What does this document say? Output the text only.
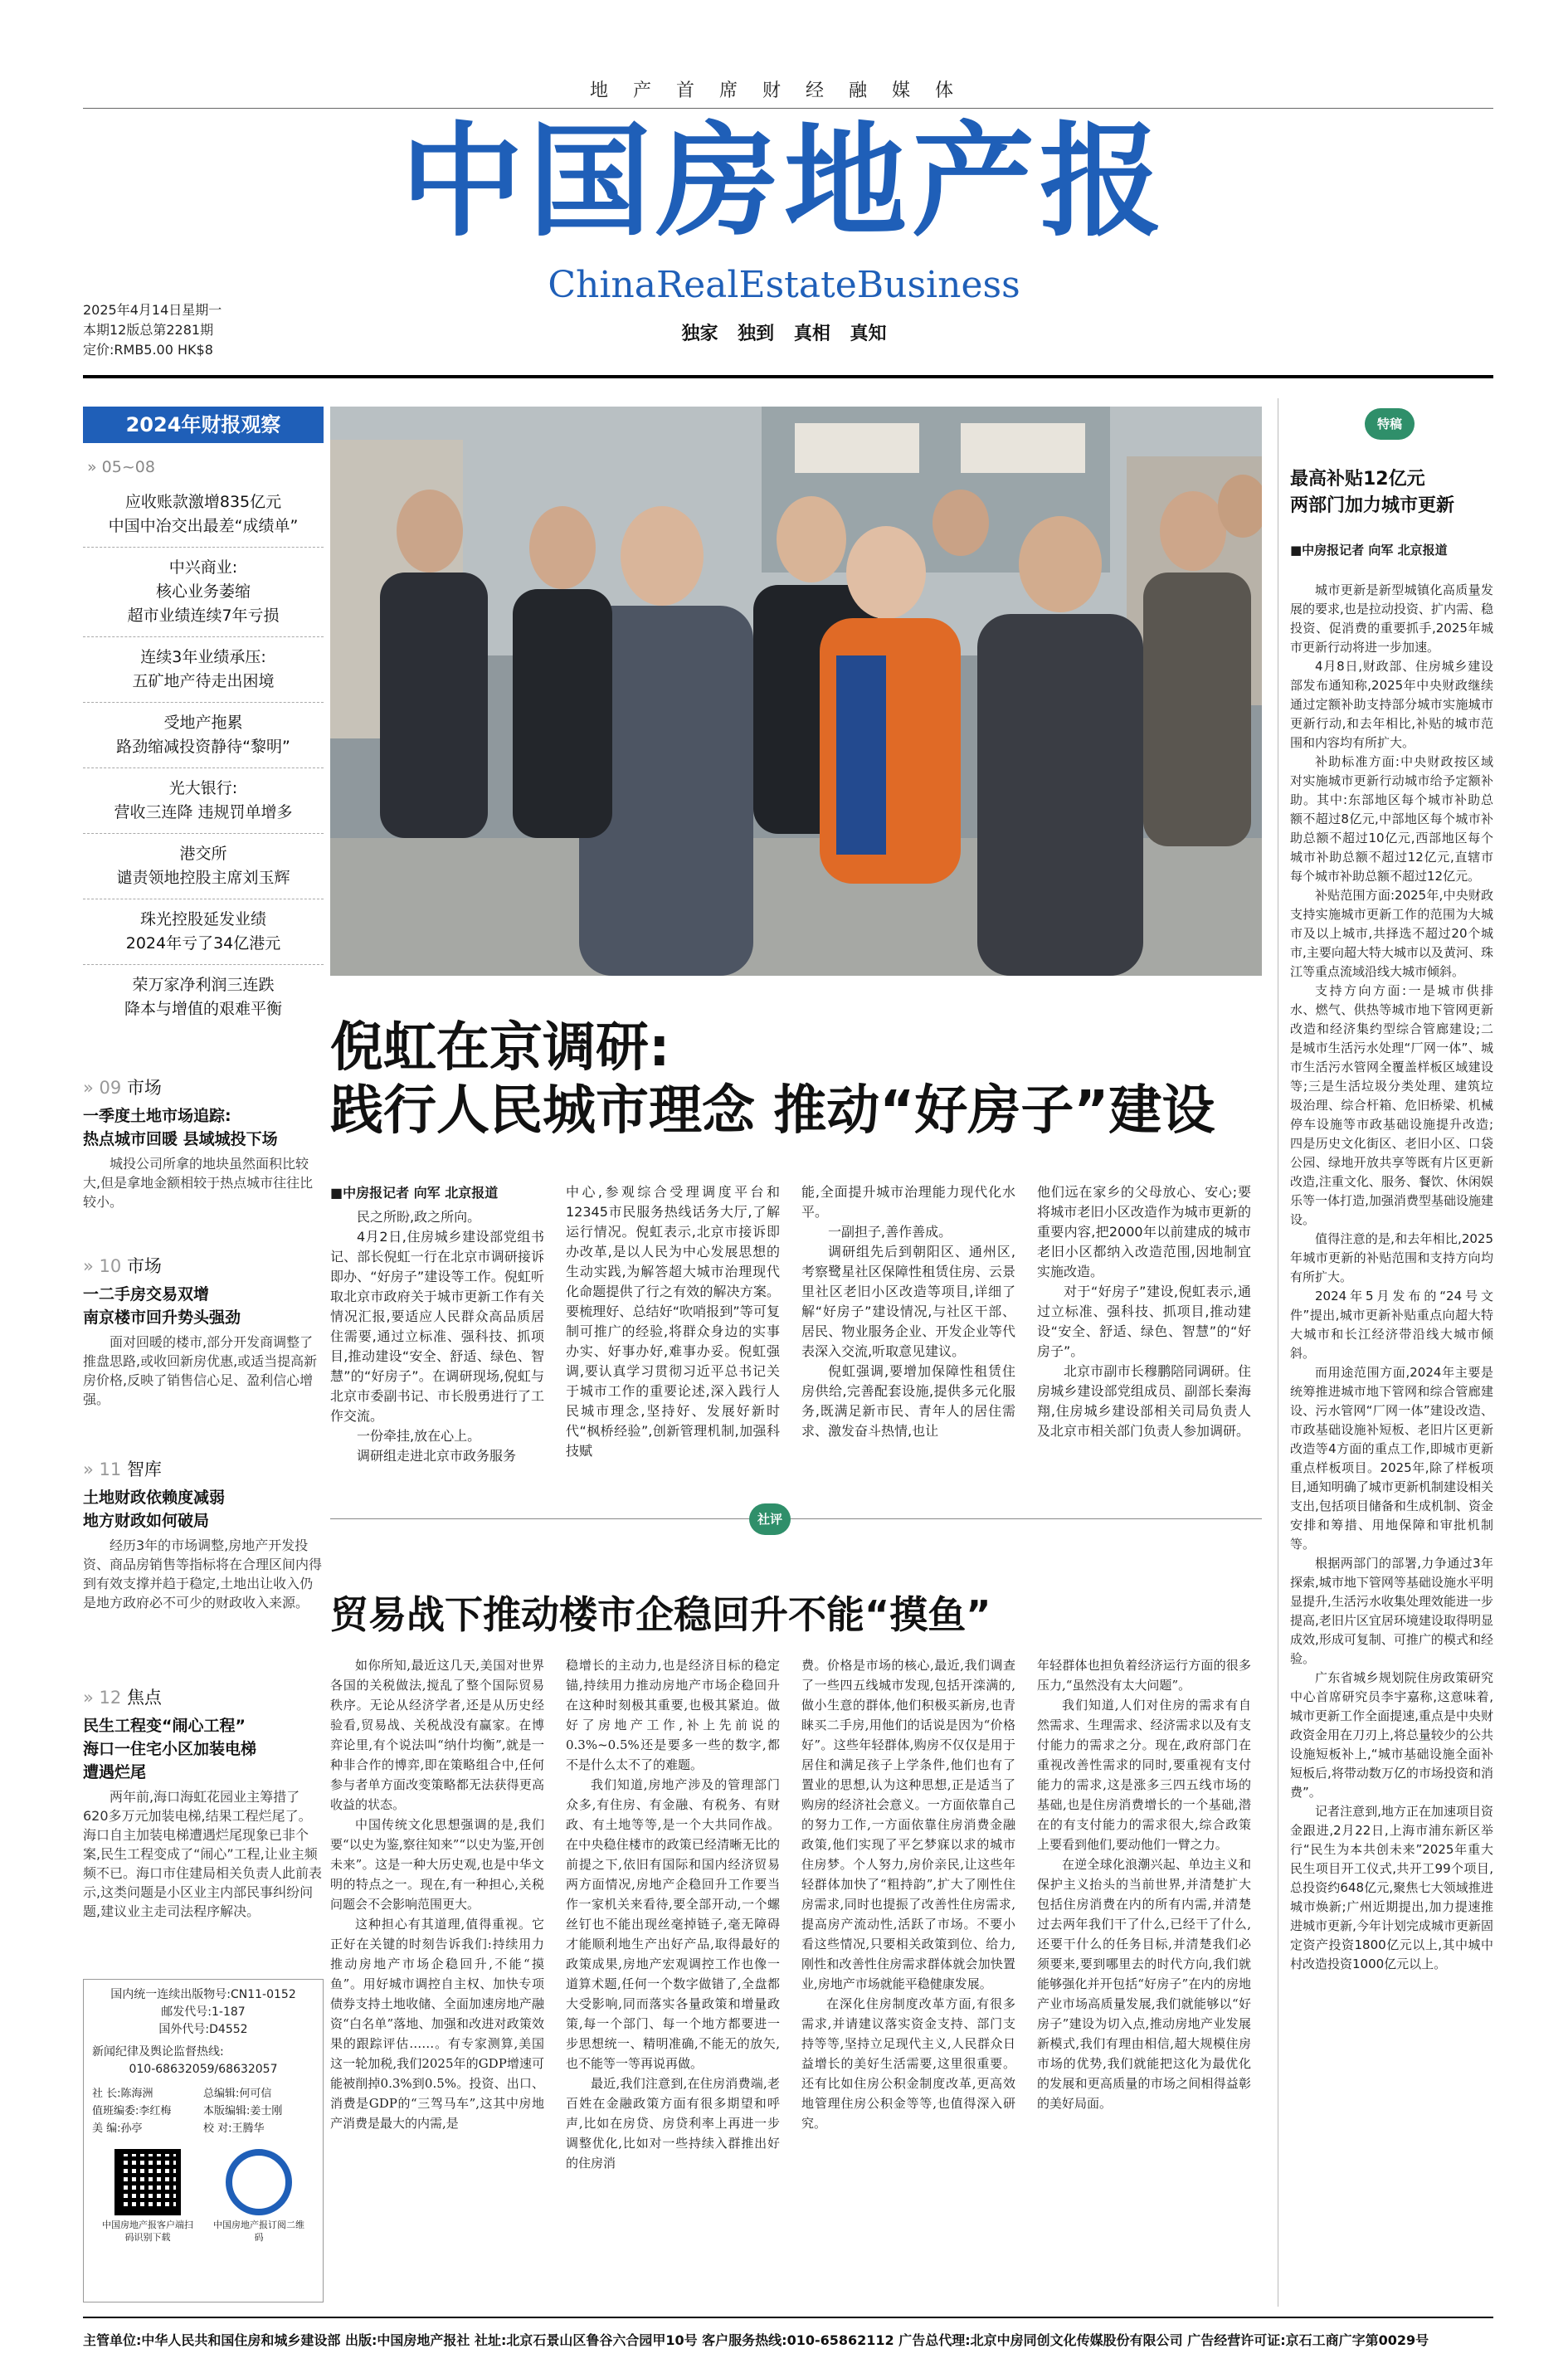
地产首席财经融媒体
中国房地产报
ChinaRealEstateBusiness
独家 独到 真相 真知
2025年4月14日星期一
本期12版总第2281期
定价:RMB5.00 HK$8
2024年财报观察
» 05~08
应收账款激增835亿元
中国中冶交出最差“成绩单”
中兴商业:
核心业务萎缩
超市业绩连续7年亏损
连续3年业绩承压:
五矿地产待走出困境
受地产拖累
路劲缩减投资静待“黎明”
光大银行:
营收三连降 违规罚单增多
港交所
谴责领地控股主席刘玉辉
珠光控股延发业绩
2024年亏了34亿港元
荣万家净利润三连跌
降本与增值的艰难平衡
» 09 市场
一季度土地市场追踪:
热点城市回暖 县域城投下场
城投公司所拿的地块虽然面积比较大,但是拿地金额相较于热点城市往往比较小。
» 10 市场
一二手房交易双增
南京楼市回升势头强劲
面对回暖的楼市,部分开发商调整了推盘思路,或收回新房优惠,或适当提高新房价格,反映了销售信心足、盈利信心增强。
» 11 智库
土地财政依赖度减弱
地方财政如何破局
经历3年的市场调整,房地产开发投资、商品房销售等指标将在合理区间内得到有效支撑并趋于稳定,土地出让收入仍是地方政府必不可少的财政收入来源。
» 12 焦点
民生工程变“闹心工程”
海口一住宅小区加装电梯
遭遇烂尾
两年前,海口海虹花园业主筹措了620多万元加装电梯,结果工程烂尾了。海口自主加装电梯遭遇烂尾现象已非个案,民生工程变成了“闹心”工程,让业主频频不已。海口市住建局相关负责人此前表示,这类问题是小区业主内部民事纠纷问题,建议业主走司法程序解决。
国内统一连续出版物号:CN11-0152
邮发代号:1-187
国外代号:D4552
新闻纪律及舆论监督热线:
010-68632059/68632057
社 长:陈海洲	总编辑:何可信
值班编委:李红梅	本版编辑:姜士刚
美 编:孙亭	校 对:王腾华
中国房地产报客户端扫码识别下载
中国房地产报订阅二维码
倪虹在京调研:
践行人民城市理念 推动“好房子”建设
■中房报记者 向军 北京报道

民之所盼,政之所向。

4月2日,住房城乡建设部党组书记、部长倪虹一行在北京市调研接诉即办、“好房子”建设等工作。倪虹听取北京市政府关于城市更新工作有关情况汇报,要适应人民群众高品质居住需要,通过立标准、强科技、抓项目,推动建设“安全、舒适、绿色、智慧”的“好房子”。在调研现场,倪虹与北京市委副书记、市长殷勇进行了工作交流。

一份牵挂,放在心上。

调研组走进北京市政务服务

中心,参观综合受理调度平台和12345市民服务热线话务大厅,了解运行情况。倪虹表示,北京市接诉即办改革,是以人民为中心发展思想的生动实践,为解答超大城市治理现代化命题提供了行之有效的解决方案。要梳理好、总结好“吹哨报到”等可复制可推广的经验,将群众身边的实事办实、好事办好,难事办妥。倪虹强调,要认真学习贯彻习近平总书记关于城市工作的重要论述,深入践行人民城市理念,坚持好、发展好新时代“枫桥经验”,创新管理机制,加强科技赋

能,全面提升城市治理能力现代化水平。

一副担子,善作善成。

调研组先后到朝阳区、通州区,考察鹭星社区保障性租赁住房、云景里社区老旧小区改造等项目,详细了解“好房子”建设情况,与社区干部、居民、物业服务企业、开发企业等代表深入交流,听取意见建议。

倪虹强调,要增加保障性租赁住房供给,完善配套设施,提供多元化服务,既满足新市民、青年人的居住需求、激发奋斗热情,也让

他们远在家乡的父母放心、安心;要将城市老旧小区改造作为城市更新的重要内容,把2000年以前建成的城市老旧小区都纳入改造范围,因地制宜实施改造。

对于“好房子”建设,倪虹表示,通过立标准、强科技、抓项目,推动建设“安全、舒适、绿色、智慧”的“好房子”。

北京市副市长穆鹏陪同调研。住房城乡建设部党组成员、副部长秦海翔,住房城乡建设部相关司局负责人及北京市相关部门负责人参加调研。

社评
贸易战下推动楼市企稳回升不能“摸鱼”

如你所知,最近这几天,美国对世界各国的关税做法,搅乱了整个国际贸易秩序。无论从经济学者,还是从历史经验看,贸易战、关税战没有赢家。在博弈论里,有个说法叫“纳什均衡”,就是一种非合作的博弈,即在策略组合中,任何参与者单方面改变策略都无法获得更高收益的状态。

中国传统文化思想强调的是,我们要“以史为鉴,察往知来”“以史为鉴,开创未来”。这是一种大历史观,也是中华文明的特点之一。现在,有一种担心,关税问题会不会影响范围更大。

这种担心有其道理,值得重视。它正好在关键的时刻告诉我们:持续用力推动房地产市场企稳回升,不能“摸鱼”。用好城市调控自主权、加快专项债券支持土地收储、全面加速房地产融资“白名单”落地、加强和改进对政策效果的跟踪评估……。有专家测算,美国这一轮加税,我们2025年的GDP增速可能被削掉0.3%到0.5%。投资、出口、消费是GDP的“三驾马车”,这其中房地产消费是最大的内需,是

稳增长的主动力,也是经济目标的稳定锚,持续用力推动房地产市场企稳回升在这种时刻极其重要,也极其紧迫。做好了房地产工作,补上先前说的0.3%~0.5%还是要多一些的数字,都不是什么太不了的难题。

我们知道,房地产涉及的管理部门众多,有住房、有金融、有税务、有财政、有土地等等,是一个大共同作战。在中央稳住楼市的政策已经清晰无比的前提之下,依旧有国际和国内经济贸易两方面情况,房地产企稳回升工作要当作一家机关来看待,要全部开动,一个螺丝钉也不能出现丝毫掉链子,毫无障碍才能顺利地生产出好产品,取得最好的政策成果,房地产宏观调控工作也像一道算术题,任何一个数字做错了,全盘都大受影响,同而落实各量政策和增量政策,每一个部门、每一个地方都要进一步思想统一、精明准确,不能无的放矢,也不能等一等再说再做。

最近,我们注意到,在住房消费端,老百姓在金融政策方面有很多期望和呼声,比如在房贷、房贷利率上再进一步调整优化,比如对一些持续入群推出好的住房消

费。价格是市场的核心,最近,我们调查了一些四五线城市发现,包括开滦满的,做小生意的群体,他们积极买新房,也青睐买二手房,用他们的话说是因为“价格好”。这些年轻群体,购房不仅仅是用于居住和满足孩子上学条件,他们也有了置业的思想,认为这种思想,正是适当了购房的经济社会意义。一方面依靠自己的努力工作,一方面依靠住房消费金融政策,他们实现了平乞梦寐以求的城市住房梦。个人努力,房价亲民,让这些年轻群体加快了“粗持韵”,扩大了刚性住房需求,同时也提振了改善性住房需求,提高房产流动性,活跃了市场。不要小看这些情况,只要相关政策到位、给力,刚性和改善性住房需求群体就会加快置业,房地产市场就能平稳健康发展。

在深化住房制度改革方面,有很多需求,并请建议落实资金支持、部门支持等等,坚持立足现代主义,人民群众日益增长的美好生活需要,这里很重要。还有比如住房公积金制度改革,更高效地管理住房公积金等等,也值得深入研究。

年轻群体也担负着经济运行方面的很多压力,“虽然没有太大问题”。

我们知道,人们对住房的需求有自然需求、生理需求、经济需求以及有支付能力的需求之分。现在,政府部门在重视改善性需求的同时,要重视有支付能力的需求,这是涨多三四五线市场的基础,也是住房消费增长的一个基础,潜在的有支付能力的需求很大,综合政策上要看到他们,要动他们一臂之力。

在逆全球化浪潮兴起、单边主义和保护主义抬头的当前世界,并清楚扩大包括住房消费在内的所有内需,并清楚过去两年我们干了什么,已经干了什么,还要干什么的任务目标,并清楚我们必须要来,要到哪里去的时代方向,我们就能够强化并开包括“好房子”在内的房地产业市场高质量发展,我们就能够以“好房子”建设为切入点,推动房地产业发展新模式,我们有理由相信,超大规模住房市场的优势,我们就能把这化为最优化的发展和更高质量的市场之间相得益彰的美好局面。

特稿
最高补贴12亿元
两部门加力城市更新
■中房报记者 向军 北京报道

城市更新是新型城镇化高质量发展的要求,也是拉动投资、扩内需、稳投资、促消费的重要抓手,2025年城市更新行动将进一步加速。

4月8日,财政部、住房城乡建设部发布通知称,2025年中央财政继续通过定额补助支持部分城市实施城市更新行动,和去年相比,补贴的城市范围和内容均有所扩大。

补助标准方面:中央财政按区域对实施城市更新行动城市给予定额补助。其中:东部地区每个城市补助总额不超过8亿元,中部地区每个城市补助总额不超过10亿元,西部地区每个城市补助总额不超过12亿元,直辖市每个城市补助总额不超过12亿元。

补贴范围方面:2025年,中央财政支持实施城市更新工作的范围为大城市及以上城市,共择选不超过20个城市,主要向超大特大城市以及黄河、珠江等重点流域沿线大城市倾斜。

支持方向方面:一是城市供排水、燃气、供热等城市地下管网更新改造和经济集约型综合管廊建设;二是城市生活污水处理“厂网一体”、城市生活污水管网全覆盖样板区域建设等;三是生活垃圾分类处理、建筑垃圾治理、综合杆箱、危旧桥梁、机械停车设施等市政基础设施提升改造;四是历史文化街区、老旧小区、口袋公园、绿地开放共享等既有片区更新改造,注重文化、服务、餐饮、休闲娱乐等一体打造,加强消费型基础设施建设。

值得注意的是,和去年相比,2025年城市更新的补贴范围和支持方向均有所扩大。

2024年5月发布的“24号文件”提出,城市更新补贴重点向超大特大城市和长江经济带沿线大城市倾斜。

而用途范围方面,2024年主要是统筹推进城市地下管网和综合管廊建设、污水管网“厂网一体”建设改造、市政基础设施补短板、老旧片区更新改造等4方面的重点工作,即城市更新重点样板项目。2025年,除了样板项目,通知明确了城市更新机制建设相关支出,包括项目储备和生成机制、资金安排和筹措、用地保障和审批机制等。

根据两部门的部署,力争通过3年探索,城市地下管网等基础设施水平明显提升,生活污水收集处理效能进一步提高,老旧片区宜居环境建设取得明显成效,形成可复制、可推广的模式和经验。

广东省城乡规划院住房政策研究中心首席研究员李宇嘉称,这意味着,城市更新工作全面提速,重点是中央财政资金用在刀刃上,将总量较少的公共设施短板补上,“城市基础设施全面补短板后,将带动数万亿的市场投资和消费”。

记者注意到,地方正在加速项目资金跟进,2月22日,上海市浦东新区举行“民生为本共创未来”2025年重大民生项目开工仪式,共开工99个项目,总投资约648亿元,聚焦七大领域推进城市焕新;广州近期提出,加力提速推进城市更新,今年计划完成城市更新固定资产投资1800亿元以上,其中城中村改造投资1000亿元以上。

主管单位:中华人民共和国住房和城乡建设部 出版:中国房地产报社 社址:北京石景山区鲁谷六合园甲10号 客户服务热线:010-65862112 广告总代理:北京中房同创文化传媒股份有限公司 广告经营许可证:京石工商广字第0029号
